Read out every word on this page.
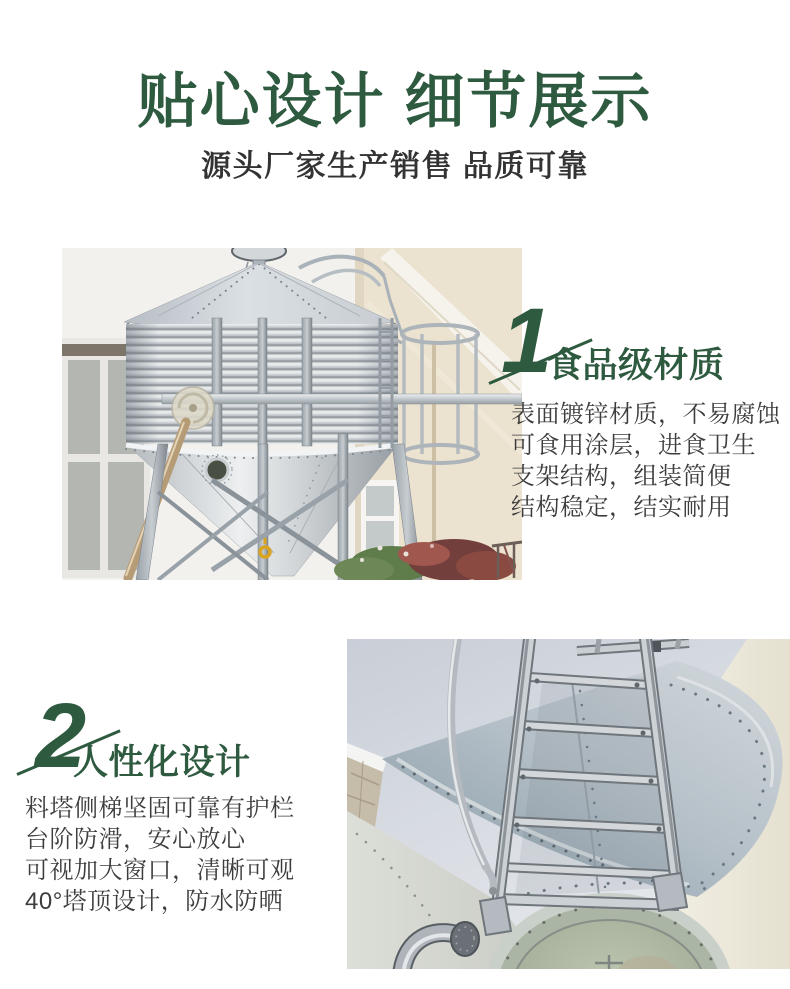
贴心设计 细节展示

源头厂家生产销售 品质可靠

1
食品级材质

表面镀锌材质，不易腐蚀

可食用涂层，进食卫生

支架结构，组装简便

结构稳定，结实耐用

2
人性化设计

料塔侧梯坚固可靠有护栏

台阶防滑，安心放心

可视加大窗口，清晰可观

40°塔顶设计，防水防晒
